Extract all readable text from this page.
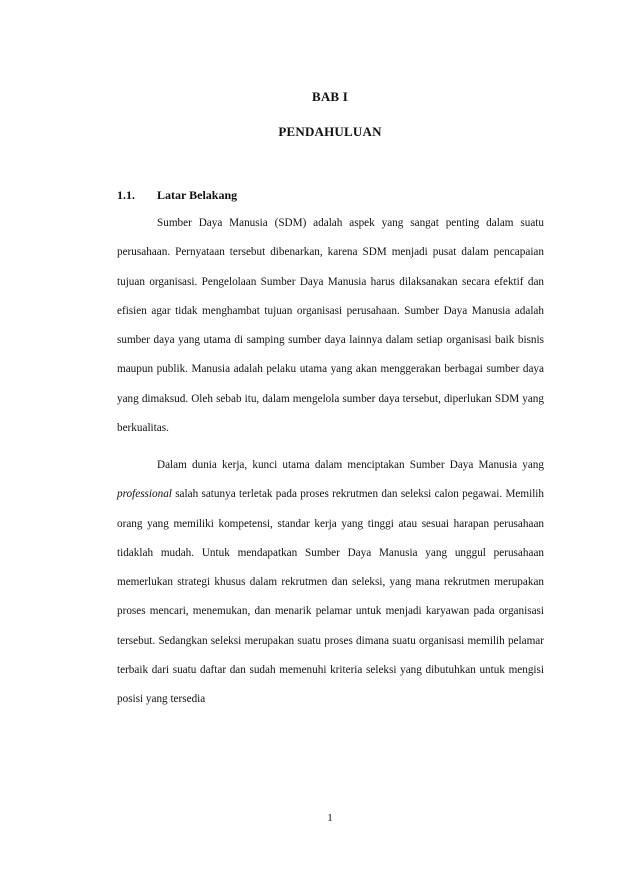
BAB I
PENDAHULUAN
1.1. Latar Belakang

Sumber Daya Manusia (SDM) adalah aspek yang sangat penting dalam suatu perusahaan. Pernyataan tersebut dibenarkan, karena SDM menjadi pusat dalam pencapaian tujuan organisasi. Pengelolaan Sumber Daya Manusia harus dilaksanakan secara efektif dan efisien agar tidak menghambat tujuan organisasi perusahaan. Sumber Daya Manusia adalah sumber daya yang utama di samping sumber daya lainnya dalam setiap organisasi baik bisnis maupun publik. Manusia adalah pelaku utama yang akan menggerakan berbagai sumber daya yang dimaksud. Oleh sebab itu, dalam mengelola sumber daya tersebut, diperlukan SDM yang berkualitas.

Dalam dunia kerja, kunci utama dalam menciptakan Sumber Daya Manusia yang professional salah satunya terletak pada proses rekrutmen dan seleksi calon pegawai. Memilih orang yang memiliki kompetensi, standar kerja yang tinggi atau sesuai harapan perusahaan tidaklah mudah. Untuk mendapatkan Sumber Daya Manusia yang unggul perusahaan memerlukan strategi khusus dalam rekrutmen dan seleksi, yang mana rekrutmen merupakan proses mencari, menemukan, dan menarik pelamar untuk menjadi karyawan pada organisasi tersebut. Sedangkan seleksi merupakan suatu proses dimana suatu organisasi memilih pelamar terbaik dari suatu daftar dan sudah memenuhi kriteria seleksi yang dibutuhkan untuk mengisi posisi yang tersedia

1
